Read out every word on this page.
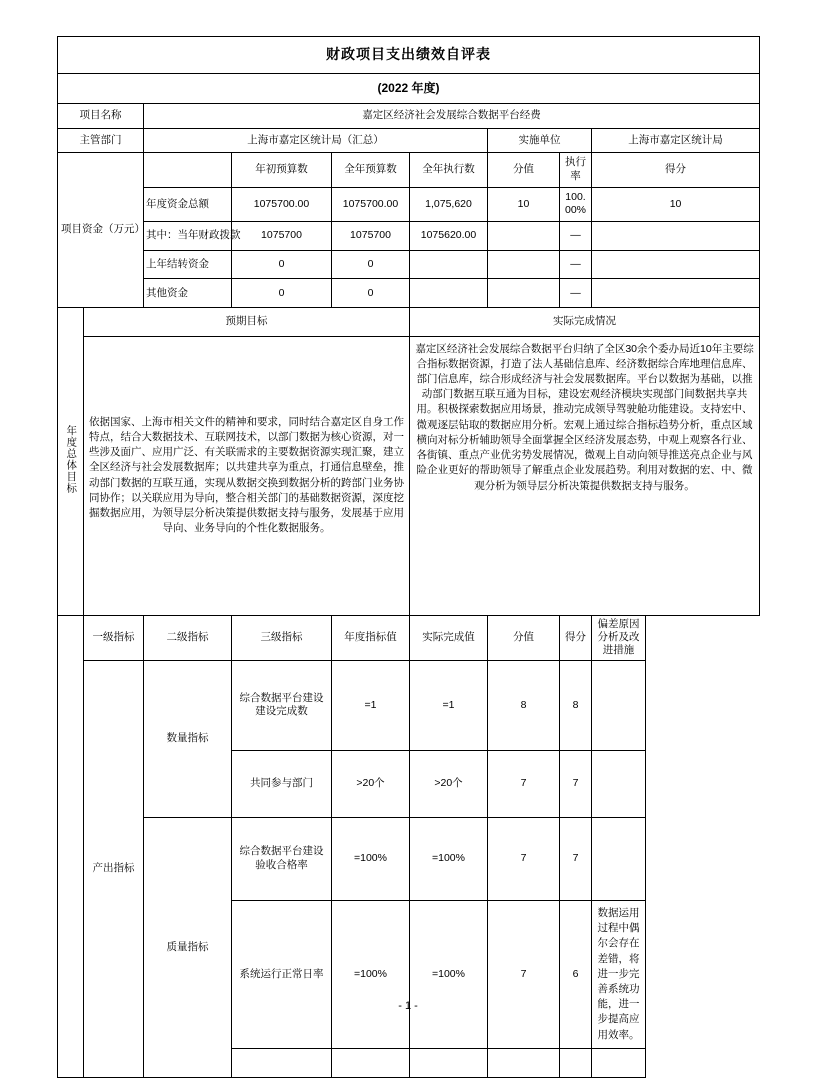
财政项目支出绩效自评表								
(2022 年度)								
项目名称		嘉定区经济社会发展综合数据平台经费						
主管部门		上海市嘉定区统计局（汇总）				实施单位		上海市嘉定区统计局
项目资金（万元）			年初预算数	全年预算数	全年执行数	分值	执行率	得分
		年度资金总额	1075700.00	1075700.00	1,075,620	10	100.00%	10
		其中：当年财政拨款	1075700	1075700	1075620.00		—	
		上年结转资金	0	0			—	
		其他资金	0	0			—	
年度总体目标	预期目标				实际完成情况			
依据国家、上海市相关文件的精神和要求，同时结合嘉定区自身工作特点，结合大数据技术、互联网技术，以部门数据为核心资源，对一些涉及面广、应用广泛、有关联需求的主要数据资源实现汇聚，建立全区经济与社会发展数据库；以共建共享为重点，打通信息壁垒，推动部门数据的互联互通，实现从数据交换到数据分析的跨部门业务协同协作；以关联应用为导向，整合相关部门的基础数据资源，深度挖掘数据应用，为领导层分析决策提供数据支持与服务，发展基于应用导向、业务导向的个性化数据服务。	嘉定区经济社会发展综合数据平台归纳了全区30余个委办局近10年主要综合指标数据资源，打造了法人基础信息库、经济数据综合库地理信息库、部门信息库，综合形成经济与社会发展数据库。平台以数据为基础，以推动部门数据互联互通为目标，建设宏观经济模块实现部门间数据共享共用。积极探索数据应用场景，推动完成领导驾驶舱功能建设。支持宏中、微观逐层钻取的数据应用分析。宏观上通过综合指标趋势分析，重点区域横向对标分析辅助领导全面掌握全区经济发展态势，中观上观察各行业、各街镇、重点产业优劣势发展情况，微观上自动向领导推送亮点企业与风险企业更好的帮助领导了解重点企业发展趋势。利用对数据的宏、中、微观分析为领导层分析决策提供数据支持与服务。
	一级指标	二级指标	三级指标	年度指标值	实际完成值	分值	得分	偏差原因分析及改进措施
	产出指标	数量指标	综合数据平台建设建设完成数	=1	=1	8	8	
			共同参与部门	>20个	>20个	7	7	
		质量指标	综合数据平台建设验收合格率	=100%	=100%	7	7	
			系统运行正常日率	=100%	=100%	7	6	数据运用过程中偶尔会存在差错，将进一步完善系统功能，进一步提高应用效率。

- 1 -
